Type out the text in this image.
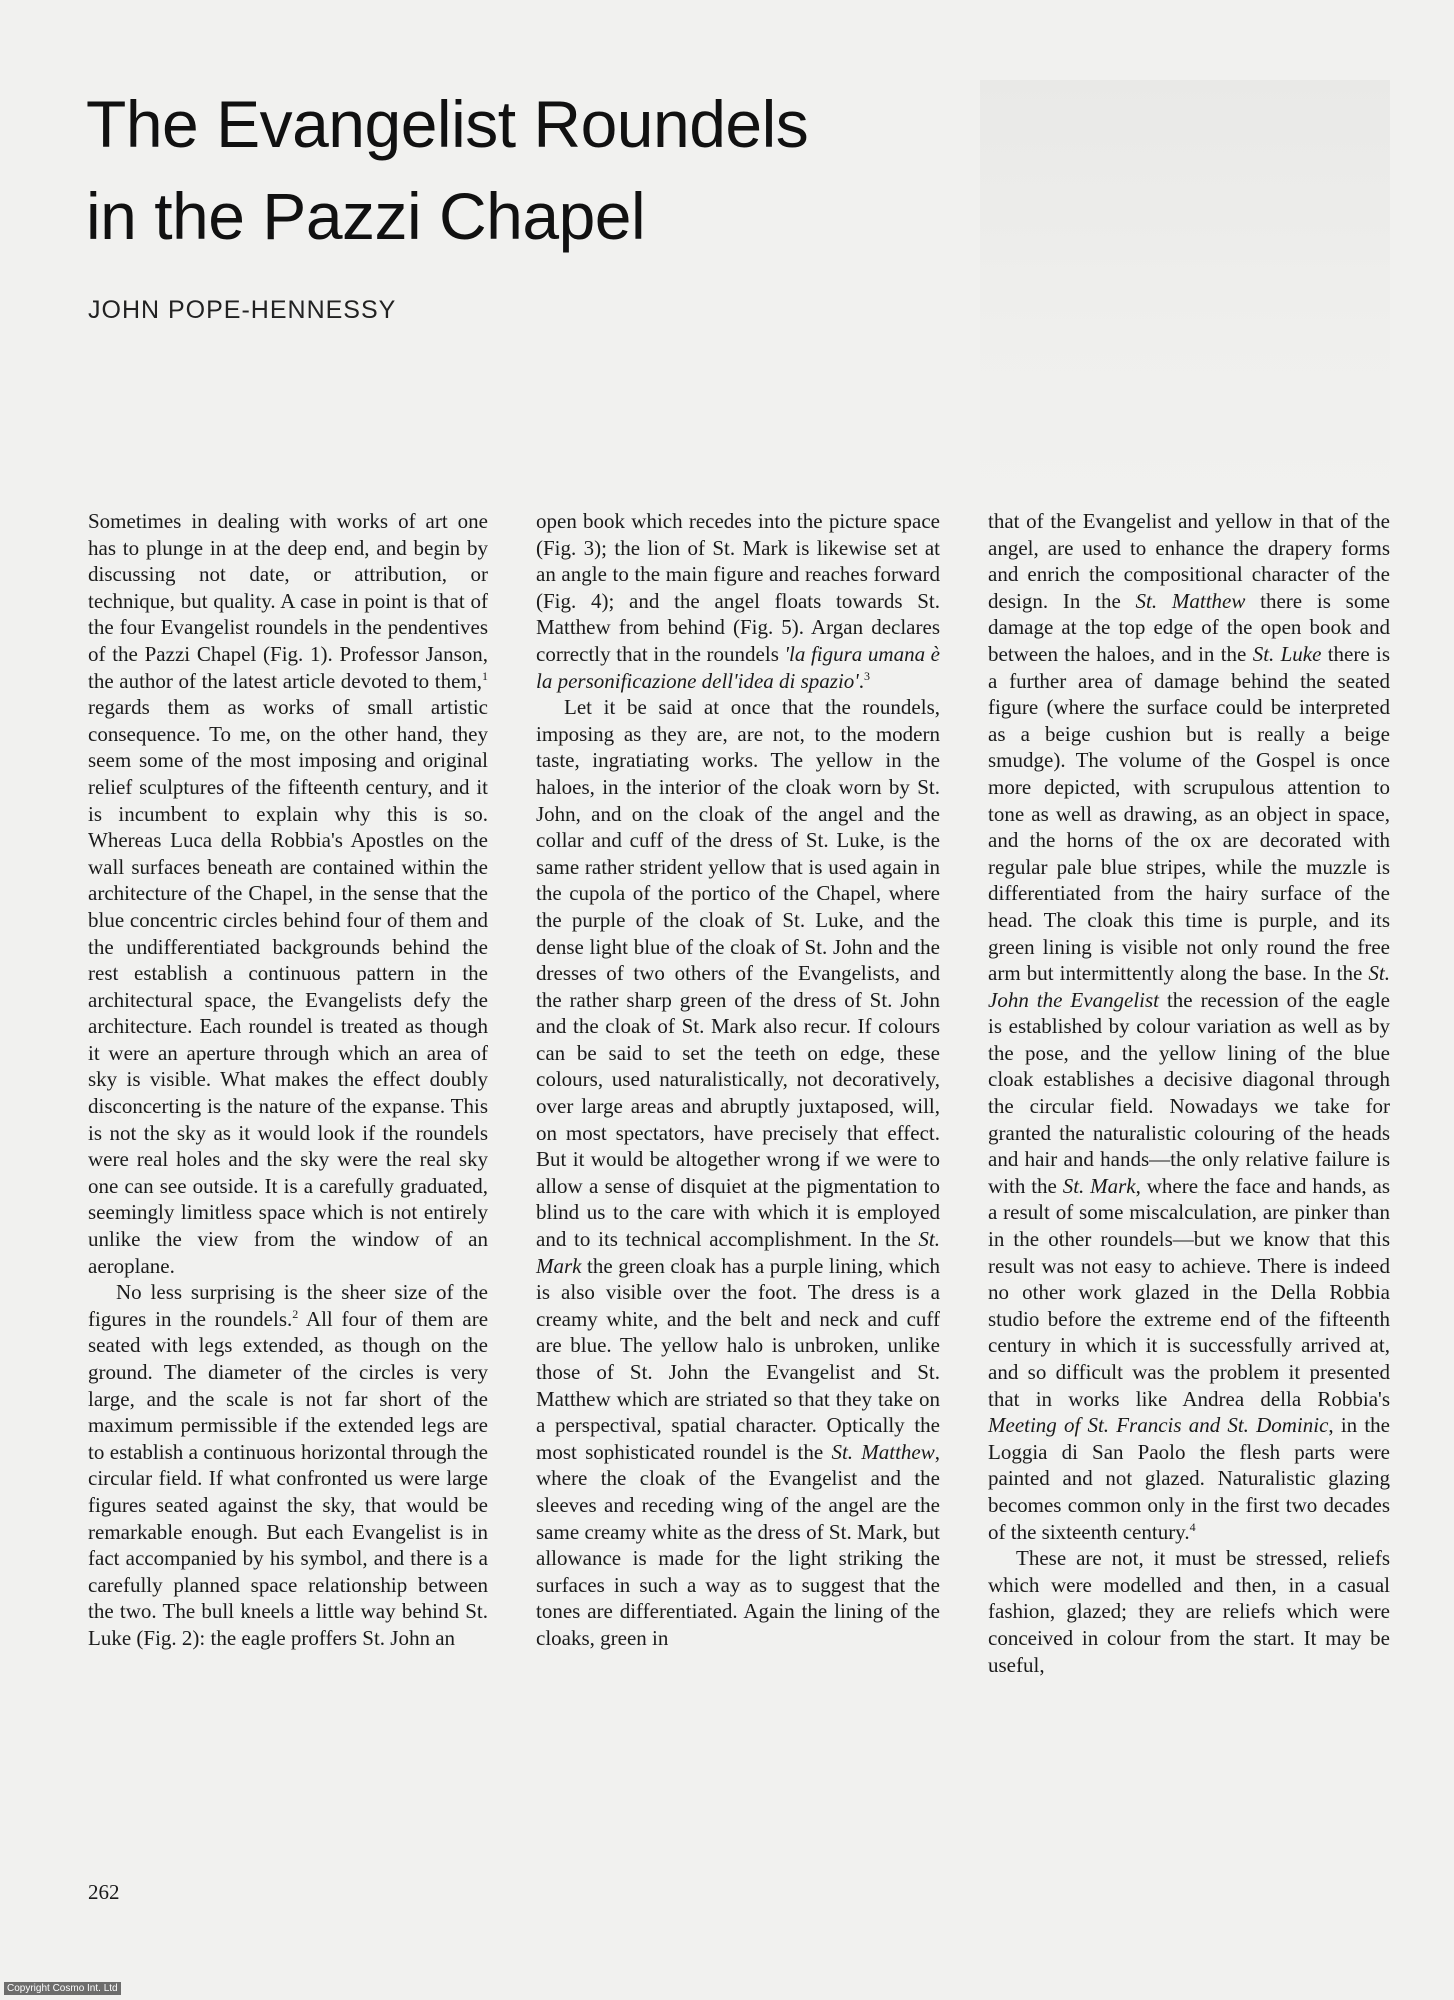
The Evangelist Roundels
in the Pazzi Chapel
JOHN POPE-HENNESSY

Sometimes in dealing with works of art one has to plunge in at the deep end, and begin by discussing not date, or attribution, or technique, but quality. A case in point is that of the four Evangelist roundels in the pendentives of the Pazzi Chapel (Fig. 1). Professor Janson, the author of the latest article devoted to them,$^1$ regards them as works of small artistic consequence. To me, on the other hand, they seem some of the most imposing and original relief sculptures of the fifteenth century, and it is incumbent to explain why this is so. Whereas Luca della Robbia's Apostles on the wall surfaces beneath are contained within the architecture of the Chapel, in the sense that the blue concentric circles behind four of them and the undifferentiated backgrounds behind the rest establish a continuous pattern in the architectural space, the Evangelists defy the architecture. Each roundel is treated as though it were an aperture through which an area of sky is visible. What makes the effect doubly disconcerting is the nature of the expanse. This is not the sky as it would look if the roundels were real holes and the sky were the real sky one can see outside. It is a carefully graduated, seemingly limitless space which is not entirely unlike the view from the window of an aeroplane.

No less surprising is the sheer size of the figures in the roundels.$^2$ All four of them are seated with legs extended, as though on the ground. The diameter of the circles is very large, and the scale is not far short of the maximum permissible if the extended legs are to establish a continuous horizontal through the circular field. If what confronted us were large figures seated against the sky, that would be remarkable enough. But each Evangelist is in fact accompanied by his symbol, and there is a carefully planned space relationship between the two. The bull kneels a little way behind St. Luke (Fig. 2): the eagle proffers St. John an

open book which recedes into the picture space (Fig. 3); the lion of St. Mark is likewise set at an angle to the main figure and reaches forward (Fig. 4); and the angel floats towards St. Matthew from behind (Fig. 5). Argan declares correctly that in the roundels 'la figura umana è la personificazione dell'idea di spazio'.$^3$

Let it be said at once that the roundels, imposing as they are, are not, to the modern taste, ingratiating works. The yellow in the haloes, in the interior of the cloak worn by St. John, and on the cloak of the angel and the collar and cuff of the dress of St. Luke, is the same rather strident yellow that is used again in the cupola of the portico of the Chapel, where the purple of the cloak of St. Luke, and the dense light blue of the cloak of St. John and the dresses of two others of the Evangelists, and the rather sharp green of the dress of St. John and the cloak of St. Mark also recur. If colours can be said to set the teeth on edge, these colours, used naturalistically, not decoratively, over large areas and abruptly juxtaposed, will, on most spectators, have precisely that effect. But it would be altogether wrong if we were to allow a sense of disquiet at the pigmentation to blind us to the care with which it is employed and to its technical accomplishment. In the St. Mark the green cloak has a purple lining, which is also visible over the foot. The dress is a creamy white, and the belt and neck and cuff are blue. The yellow halo is unbroken, unlike those of St. John the Evangelist and St. Matthew which are striated so that they take on a perspectival, spatial character. Optically the most sophisticated roundel is the St. Matthew, where the cloak of the Evangelist and the sleeves and receding wing of the angel are the same creamy white as the dress of St. Mark, but allowance is made for the light striking the surfaces in such a way as to suggest that the tones are differentiated. Again the lining of the cloaks, green in

that of the Evangelist and yellow in that of the angel, are used to enhance the drapery forms and enrich the compositional character of the design. In the St. Matthew there is some damage at the top edge of the open book and between the haloes, and in the St. Luke there is a further area of damage behind the seated figure (where the surface could be interpreted as a beige cushion but is really a beige smudge). The volume of the Gospel is once more depicted, with scrupulous attention to tone as well as drawing, as an object in space, and the horns of the ox are decorated with regular pale blue stripes, while the muzzle is differentiated from the hairy surface of the head. The cloak this time is purple, and its green lining is visible not only round the free arm but intermittently along the base. In the St. John the Evangelist the recession of the eagle is established by colour variation as well as by the pose, and the yellow lining of the blue cloak establishes a decisive diagonal through the circular field. Nowadays we take for granted the naturalistic colouring of the heads and hair and hands—the only relative failure is with the St. Mark, where the face and hands, as a result of some miscalculation, are pinker than in the other roundels—but we know that this result was not easy to achieve. There is indeed no other work glazed in the Della Robbia studio before the extreme end of the fifteenth century in which it is successfully arrived at, and so difficult was the problem it presented that in works like Andrea della Robbia's Meeting of St. Francis and St. Dominic, in the Loggia di San Paolo the flesh parts were painted and not glazed. Naturalistic glazing becomes common only in the first two decades of the sixteenth century.$^4$

These are not, it must be stressed, reliefs which were modelled and then, in a casual fashion, glazed; they are reliefs which were conceived in colour from the start. It may be useful,

262
Copyright Cosmo Int. Ltd
